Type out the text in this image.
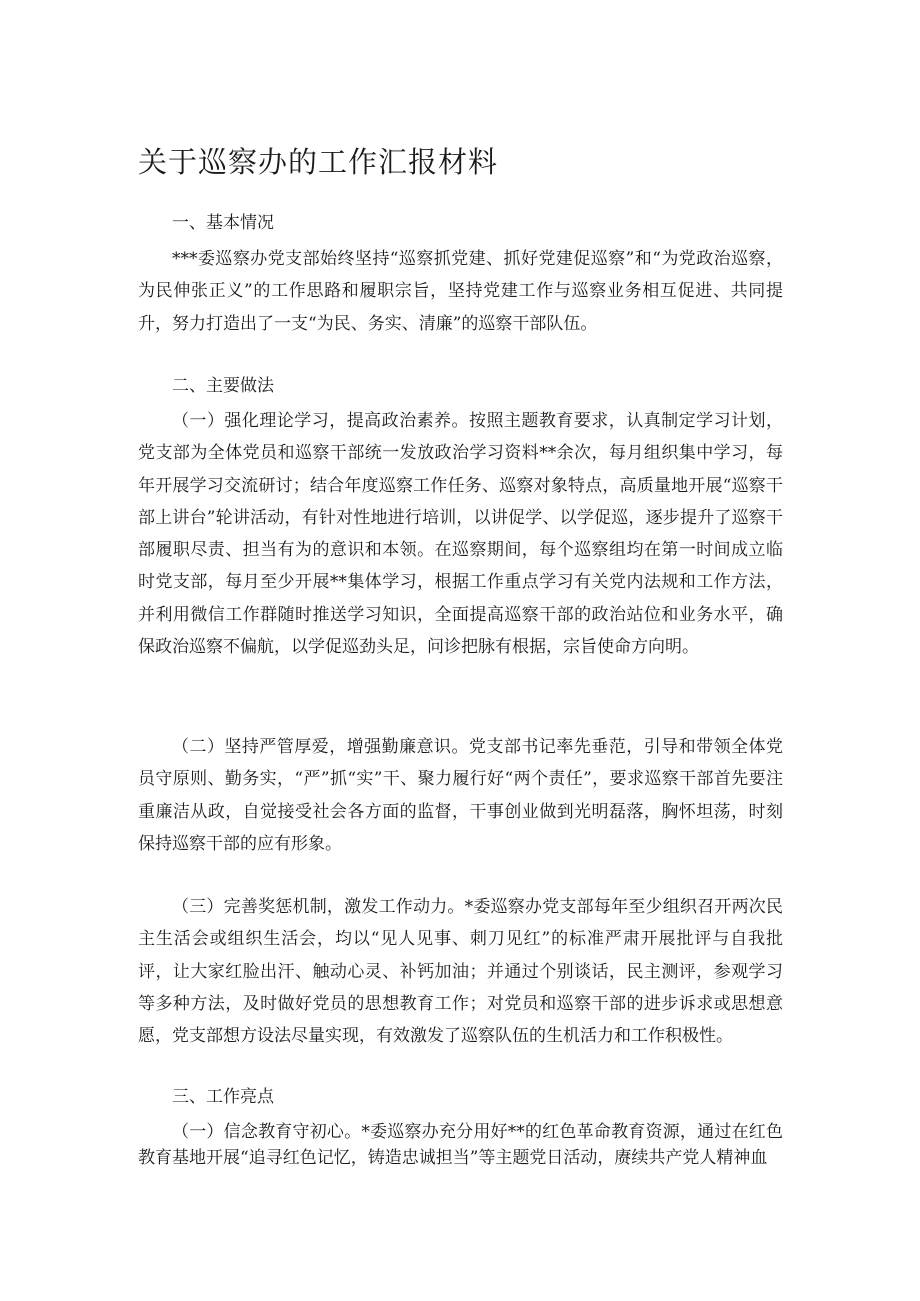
关于巡察办的工作汇报材料

一、基本情况

***委巡察办党支部始终坚持“巡察抓党建、抓好党建促巡察”和“为党政治巡察，为民伸张正义”的工作思路和履职宗旨，坚持党建工作与巡察业务相互促进、共同提升，努力打造出了一支“为民、务实、清廉”的巡察干部队伍。

二、主要做法

（一）强化理论学习，提高政治素养。按照主题教育要求，认真制定学习计划，党支部为全体党员和巡察干部统一发放政治学习资料**余次，每月组织集中学习，每年开展学习交流研讨；结合年度巡察工作任务、巡察对象特点，高质量地开展“巡察干部上讲台”轮讲活动，有针对性地进行培训，以讲促学、以学促巡，逐步提升了巡察干部履职尽责、担当有为的意识和本领。在巡察期间，每个巡察组均在第一时间成立临时党支部，每月至少开展**集体学习，根据工作重点学习有关党内法规和工作方法，并利用微信工作群随时推送学习知识，全面提高巡察干部的政治站位和业务水平，确保政治巡察不偏航，以学促巡劲头足，问诊把脉有根据，宗旨使命方向明。

（二）坚持严管厚爱，增强勤廉意识。党支部书记率先垂范，引导和带领全体党员守原则、勤务实，“严”抓“实”干、聚力履行好“两个责任”，要求巡察干部首先要注重廉洁从政，自觉接受社会各方面的监督，干事创业做到光明磊落，胸怀坦荡，时刻保持巡察干部的应有形象。

（三）完善奖惩机制，激发工作动力。*委巡察办党支部每年至少组织召开两次民主生活会或组织生活会，均以“见人见事、刺刀见红”的标准严肃开展批评与自我批评，让大家红脸出汗、触动心灵、补钙加油；并通过个别谈话，民主测评，参观学习等多种方法，及时做好党员的思想教育工作；对党员和巡察干部的进步诉求或思想意愿，党支部想方设法尽量实现，有效激发了巡察队伍的生机活力和工作积极性。

三、工作亮点

（一）信念教育守初心。*委巡察办充分用好**的红色革命教育资源，通过在红色教育基地开展“追寻红色记忆，铸造忠诚担当”等主题党日活动，赓续共产党人精神血
